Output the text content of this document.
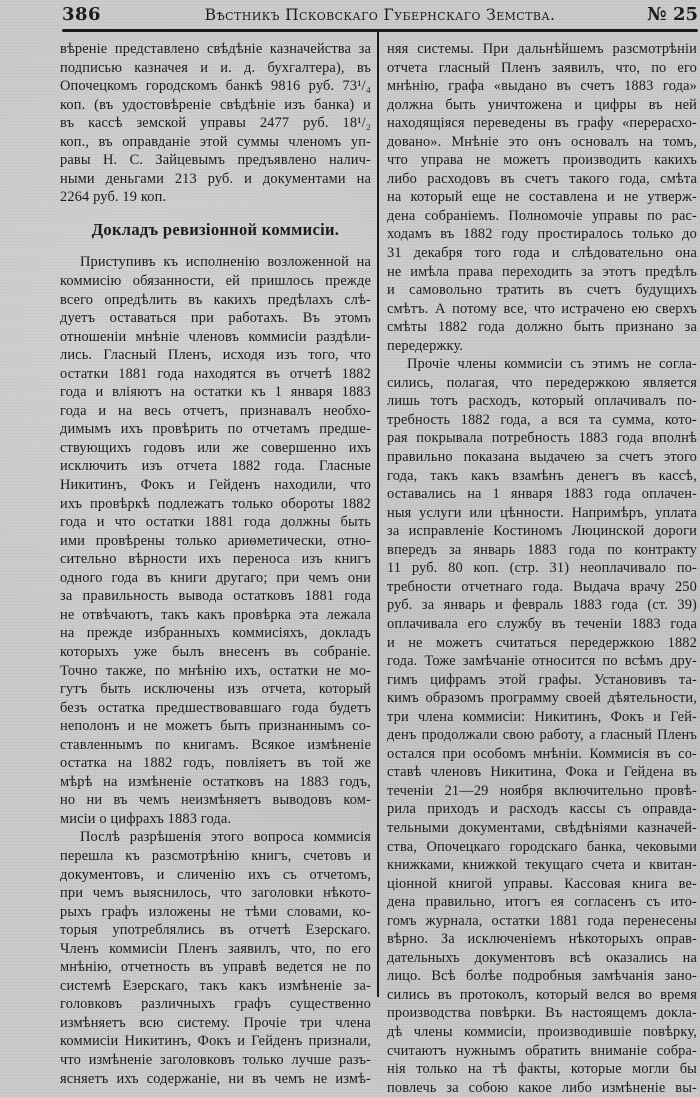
386	Вѣстникъ Псковскаго Губернскаго Земства.	№ 25
вѣреніе представлено свѣдѣніе казначейства за
подписью казначея и и. д. бухгалтера), въ
Опочецкомъ городскомъ банкѣ 9816 руб. 73¹/₄
коп. (въ удостовѣреніе свѣдѣніе изъ банка) и
въ кассѣ земской управы 2477 руб. 18¹/₂
коп., въ оправданіе этой суммы членомъ уп-
равы Н. С. Зайцевымъ предъявлено налич-
ными деньгами 213 руб. и документами на
2264 руб. 19 коп.
Докладъ ревизіонной коммисіи.
Приступивъ къ исполненію возложенной на
коммисію обязанности, ей пришлось прежде
всего опредѣлить въ какихъ предѣлахъ слѣ-
дуетъ оставаться при работахъ. Въ этомъ
отношеніи мнѣніе членовъ коммисіи раздѣли-
лись. Гласный Пленъ, исходя изъ того, что
остатки 1881 года находятся въ отчетѣ 1882
года и вліяютъ на остатки къ 1 января 1883
года и на весь отчетъ, признавалъ необхо-
димымъ ихъ провѣрить по отчетамъ предше-
ствующихъ годовъ или же совершенно ихъ
исключить изъ отчета 1882 года. Гласные
Никитинъ, Фокъ и Гейденъ находили, что
ихъ провѣркѣ подлежатъ только обороты 1882
года и что остатки 1881 года должны быть
ими провѣрены только ариѳметически, отно-
сительно вѣрности ихъ переноса изъ книгъ
одного года въ книги другаго; при чемъ они
за правильность вывода остатковъ 1881 года
не отвѣчаютъ, такъ какъ провѣрка эта лежала
на прежде избранныхъ коммисіяхъ, докладъ
которыхъ уже былъ внесенъ въ собраніе.
Точно также, по мнѣнію ихъ, остатки не мо-
гутъ быть исключены изъ отчета, который
безъ остатка предшествовавшаго года будетъ
неполонъ и не можетъ быть признаннымъ со-
ставленнымъ по книгамъ. Всякое измѣненіе
остатка на 1882 годъ, повліяетъ въ той же
мѣрѣ на измѣненіе остатковъ на 1883 годъ,
но ни въ чемъ неизмѣняетъ выводовъ ком-
мисіи о цифрахъ 1883 года.
Послѣ разрѣшенія этого вопроса коммисія
перешла къ разсмотрѣнію книгъ, счетовъ и
документовъ, и сличенію ихъ съ отчетомъ,
при чемъ выяснилось, что заголовки нѣкото-
рыхъ графъ изложены не тѣми словами, ко-
торыя употреблялись въ отчетѣ Езерскаго.
Членъ коммисіи Пленъ заявилъ, что, по его
мнѣнію, отчетность въ управѣ ведется не по
системѣ Езерскаго, такъ какъ измѣненіе за-
головковъ различныхъ графъ существенно
измѣняетъ всю систему. Прочіе три члена
коммисіи Никитинъ, Фокъ и Гейденъ признали,
что измѣненіе заголовковъ только лучше разъ-
ясняетъ ихъ содержаніе, ни въ чемъ не измѣ-
няя системы. При дальнѣйшемъ разсмотрѣніи
отчета гласный Пленъ заявилъ, что, по его
мнѣнію, графа «выдано въ счетъ 1883 года»
должна быть уничтожена и цифры въ ней
находящіяся переведены въ графу «перерасхо-
довано». Мнѣніе это онъ основалъ на томъ,
что управа не можетъ производить какихъ
либо расходовъ въ счетъ такого года, смѣта
на который еще не составлена и не утверж-
дена собраніемъ. Полномочіе управы по рас-
ходамъ въ 1882 году простиралось только до
31 декабря того года и слѣдовательно она
не имѣла права переходить за этотъ предѣлъ
и самовольно тратить въ счетъ будущихъ
смѣтъ. А потому все, что истрачено ею сверхъ
смѣты 1882 года должно быть признано за
передержку.
Прочіе члены коммисіи съ этимъ не согла-
сились, полагая, что передержкою является
лишь тотъ расходъ, который оплачивалъ по-
требность 1882 года, а вся та сумма, кото-
рая покрывала потребность 1883 года вполнѣ
правильно показана выдачею за счетъ этого
года, такъ какъ взамѣнъ денегъ въ кассѣ,
оставались на 1 января 1883 года оплачен-
ныя услуги или цѣнности. Напримѣръ, уплата
за исправленіе Костиномъ Люцинской дороги
впередъ за январь 1883 года по контракту
11 руб. 80 коп. (стр. 31) неоплачивало по-
требности отчетнаго года. Выдача врачу 250
руб. за январь и февраль 1883 года (ст. 39)
оплачивала его службу въ теченіи 1883 года
и не можетъ считаться передержкою 1882
года. Тоже замѣчаніе относится по всѣмъ дру-
гимъ цифрамъ этой графы. Установивъ та-
кимъ образомъ программу своей дѣятельности,
три члена коммисіи: Никитинъ, Фокъ и Гей-
денъ продолжали свою работу, а гласный Пленъ
остался при особомъ мнѣніи. Коммисія въ со-
ставѣ членовъ Никитина, Фока и Гейдена въ
теченіи 21—29 ноября включительно провѣ-
рила приходъ и расходъ кассы съ оправда-
тельными документами, свѣдѣніями казначей-
ства, Опочецкаго городскаго банка, чековыми
книжками, книжкой текущаго счета и квитан-
ціонной книгой управы. Кассовая книга ве-
дена правильно, итогъ ея согласенъ съ ито-
гомъ журнала, остатки 1881 года перенесены
вѣрно. За исключеніемъ нѣкоторыхъ оправ-
дательныхъ документовъ всѣ оказались на
лицо. Всѣ болѣе подробныя замѣчанія зано-
сились въ протоколъ, который велся во время
производства повѣрки. Въ настоящемъ докла-
дѣ члены коммисіи, производившіе повѣрку,
считаютъ нужнымъ обратить вниманіе собра-
нія только на тѣ факты, которые могли бы
повлечь за собою какое либо измѣненіе вы-
